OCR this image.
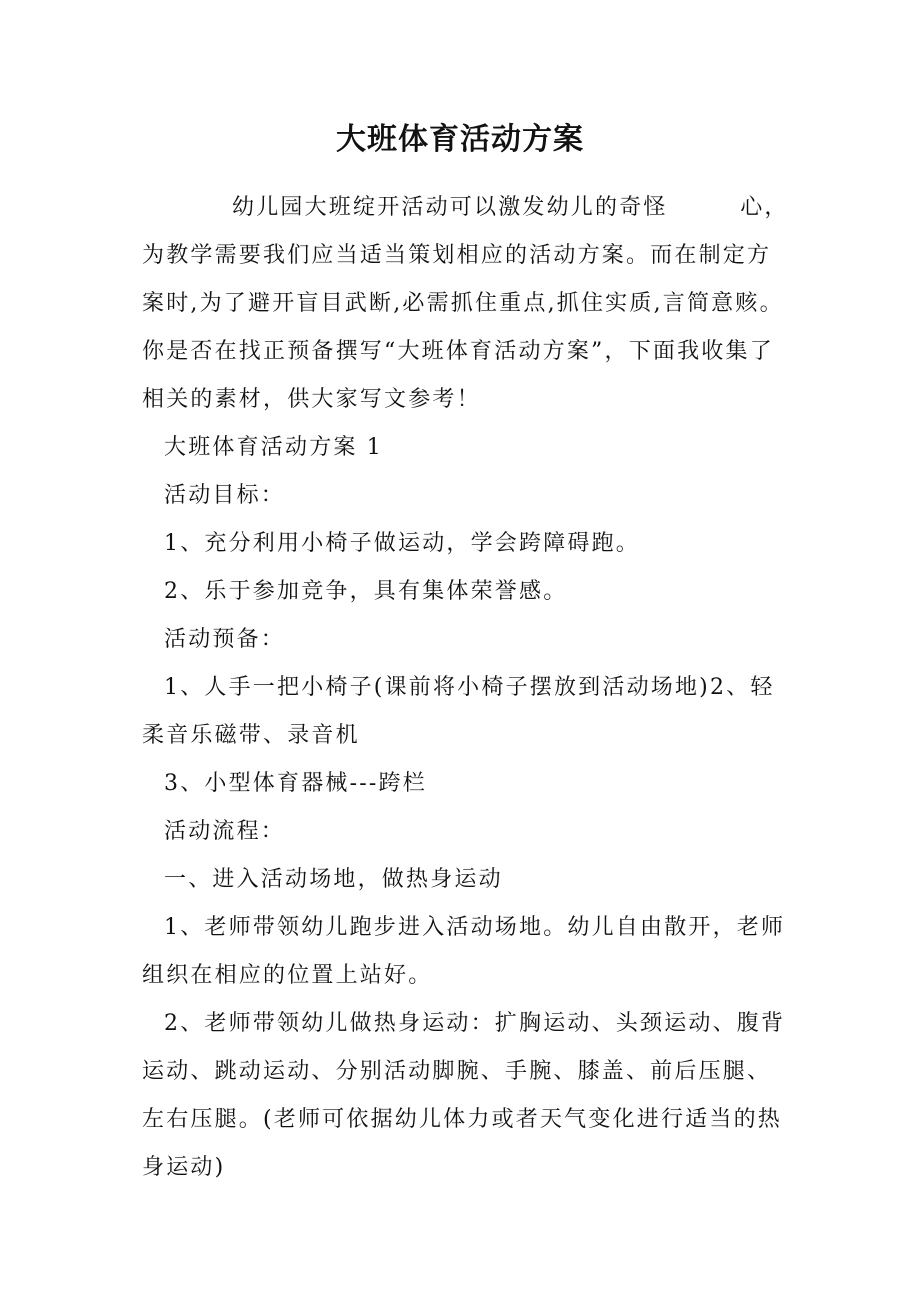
大班体育活动方案

幼儿园大班绽开活动可以激发幼儿的奇怪　　　心，为教学需要我们应当适当策划相应的活动方案。而在制定方案时,为了避开盲目武断,必需抓住重点,抓住实质,言简意赅。你是否在找正预备撰写“大班体育活动方案”，下面我收集了相关的素材，供大家写文参考！

大班体育活动方案 1

活动目标：

1、充分利用小椅子做运动，学会跨障碍跑。

2、乐于参加竞争，具有集体荣誉感。

活动预备：

1、人手一把小椅子(课前将小椅子摆放到活动场地)2、轻柔音乐磁带、录音机

3、小型体育器械---跨栏

活动流程：

一、进入活动场地，做热身运动

1、老师带领幼儿跑步进入活动场地。幼儿自由散开，老师组织在相应的位置上站好。

2、老师带领幼儿做热身运动：扩胸运动、头颈运动、腹背运动、跳动运动、分别活动脚腕、手腕、膝盖、前后压腿、左右压腿。(老师可依据幼儿体力或者天气变化进行适当的热身运动)
